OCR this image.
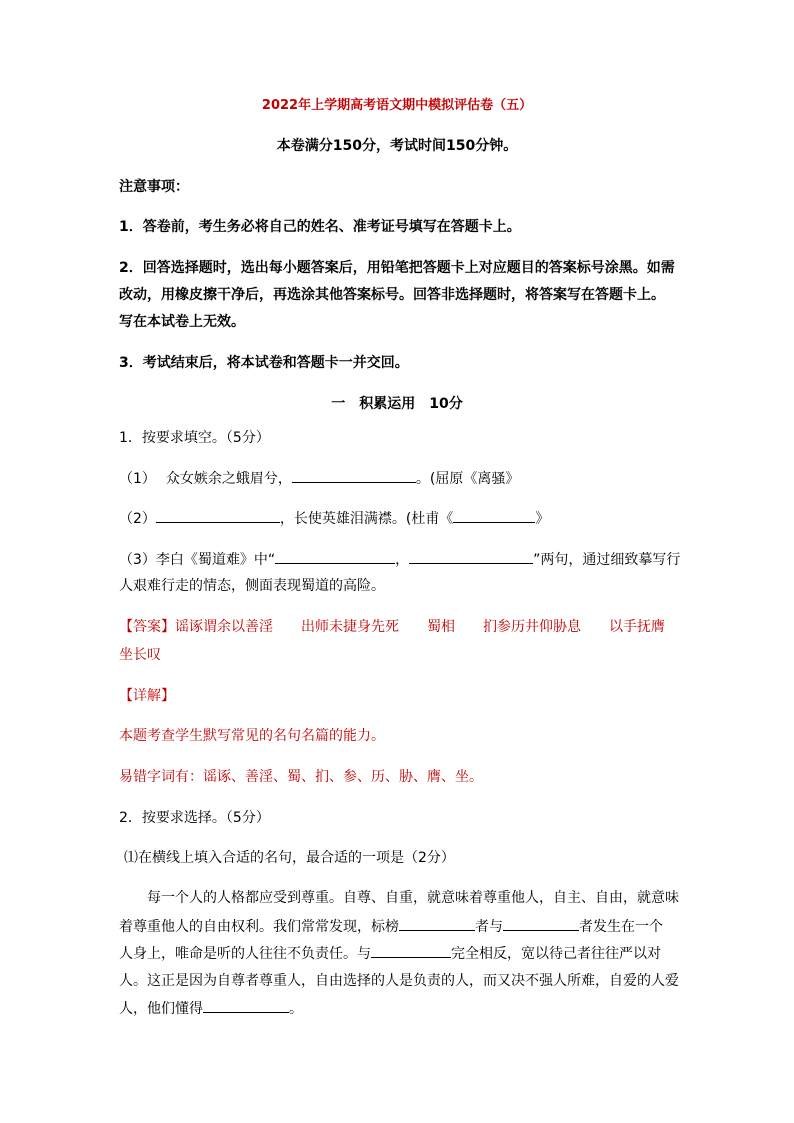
2022年上学期高考语文期中模拟评估卷（五）
本卷满分150分，考试时间150分钟。
注意事项：
1．答卷前，考生务必将自己的姓名、准考证号填写在答题卡上。
2．回答选择题时，选出每小题答案后，用铅笔把答题卡上对应题目的答案标号涂黑。如需
改动，用橡皮擦干净后，再选涂其他答案标号。回答非选择题时，将答案写在答题卡上。
写在本试卷上无效。
3．考试结束后，将本试卷和答题卡一并交回。
一　积累运用　10分
1．按要求填空。（5分）
（1） 众女嫉余之蛾眉兮，	。(屈原《离骚》
（2）	，长使英雄泪满襟。(杜甫《	》
（3）李白《蜀道难》中“	，	”两句，通过细致摹写行
人艰难行走的情态，侧面表现蜀道的高险。
【答案】谣诼谓余以善淫 出师未捷身先死 蜀相 扪参历井仰胁息 以手抚膺
坐长叹
【详解】
本题考查学生默写常见的名句名篇的能力。
易错字词有：谣诼、善淫、蜀、扪、参、历、胁、膺、坐。
2．按要求选择。（5分）
⑴在横线上填入合适的名句，最合适的一项是（2分）
每一个人的人格都应受到尊重。自尊、自重，就意味着尊重他人，自主、自由，就意味
着尊重他人的自由权利。我们常常发现，标榜	者与	者发生在一个
人身上，唯命是听的人往往不负责任。与	完全相反，宽以待己者往往严以对
人。这正是因为自尊者尊重人，自由选择的人是负责的人，而又决不强人所难，自爱的人爱
人，他们懂得	。
